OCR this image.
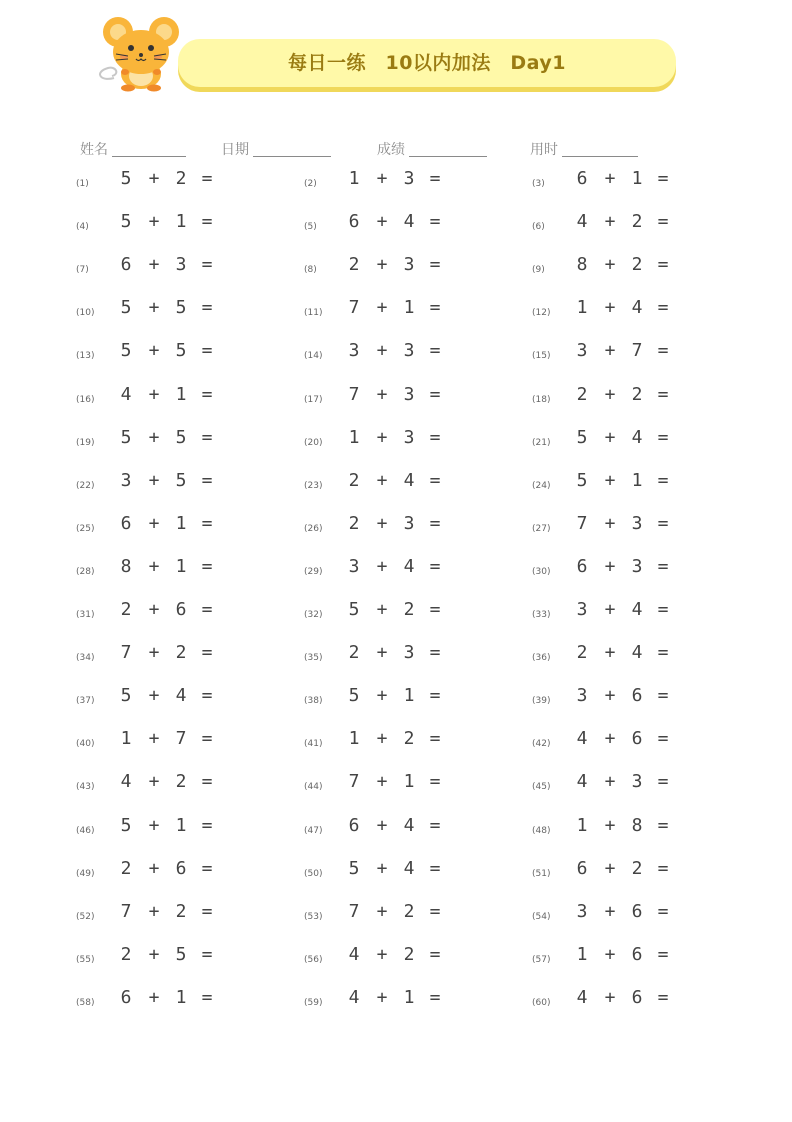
每日一练　10以内加法　Day1
姓名	日期	成绩	用时
(1)	5 + 2 =	(2)	1 + 3 =	(3)	6 + 1 =
(4)	5 + 1 =	(5)	6 + 4 =	(6)	4 + 2 =
(7)	6 + 3 =	(8)	2 + 3 =	(9)	8 + 2 =
(10)	5 + 5 =	(11)	7 + 1 =	(12)	1 + 4 =
(13)	5 + 5 =	(14)	3 + 3 =	(15)	3 + 7 =
(16)	4 + 1 =	(17)	7 + 3 =	(18)	2 + 2 =
(19)	5 + 5 =	(20)	1 + 3 =	(21)	5 + 4 =
(22)	3 + 5 =	(23)	2 + 4 =	(24)	5 + 1 =
(25)	6 + 1 =	(26)	2 + 3 =	(27)	7 + 3 =
(28)	8 + 1 =	(29)	3 + 4 =	(30)	6 + 3 =
(31)	2 + 6 =	(32)	5 + 2 =	(33)	3 + 4 =
(34)	7 + 2 =	(35)	2 + 3 =	(36)	2 + 4 =
(37)	5 + 4 =	(38)	5 + 1 =	(39)	3 + 6 =
(40)	1 + 7 =	(41)	1 + 2 =	(42)	4 + 6 =
(43)	4 + 2 =	(44)	7 + 1 =	(45)	4 + 3 =
(46)	5 + 1 =	(47)	6 + 4 =	(48)	1 + 8 =
(49)	2 + 6 =	(50)	5 + 4 =	(51)	6 + 2 =
(52)	7 + 2 =	(53)	7 + 2 =	(54)	3 + 6 =
(55)	2 + 5 =	(56)	4 + 2 =	(57)	1 + 6 =
(58)	6 + 1 =	(59)	4 + 1 =	(60)	4 + 6 =
